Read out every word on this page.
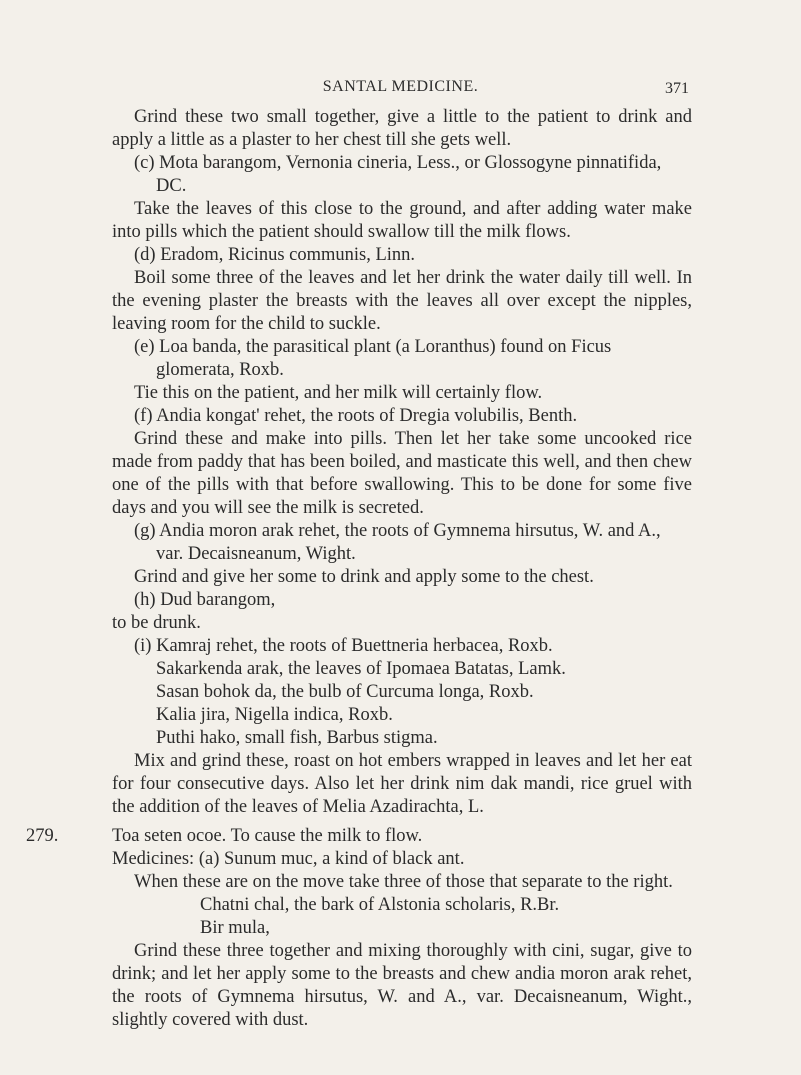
SANTAL MEDICINE.	371

Grind these two small together, give a little to the patient to drink and apply a little as a plaster to her chest till she gets well.

(c) Mota barangom, Vernonia cineria, Less., or Glossogyne pinnatifida, DC.

Take the leaves of this close to the ground, and after adding water make into pills which the patient should swallow till the milk flows.

(d) Eradom, Ricinus communis, Linn.

Boil some three of the leaves and let her drink the water daily till well. In the evening plaster the breasts with the leaves all over except the nipples, leaving room for the child to suckle.

(e) Loa banda, the parasitical plant (a Loranthus) found on Ficus glomerata, Roxb.

Tie this on the patient, and her milk will certainly flow.

(f) Andia kongat' rehet, the roots of Dregia volubilis, Benth.

Grind these and make into pills. Then let her take some uncooked rice made from paddy that has been boiled, and masticate this well, and then chew one of the pills with that before swallowing. This to be done for some five days and you will see the milk is secreted.

(g) Andia moron arak rehet, the roots of Gymnema hirsutus, W. and A., var. Decaisneanum, Wight.

Grind and give her some to drink and apply some to the chest.

(h) Dud barangom,

to be drunk.

(i) Kamraj rehet, the roots of Buettneria herbacea, Roxb.

Sakarkenda arak, the leaves of Ipomaea Batatas, Lamk.

Sasan bohok da, the bulb of Curcuma longa, Roxb.

Kalia jira, Nigella indica, Roxb.

Puthi hako, small fish, Barbus stigma.

Mix and grind these, roast on hot embers wrapped in leaves and let her eat for four consecutive days. Also let her drink nim dak mandi, rice gruel with the addition of the leaves of Melia Azadirachta, L.

279.	Toa seten ocoe. To cause the milk to flow.

Medicines: (a) Sunum muc, a kind of black ant.

When these are on the move take three of those that separate to the right.

Chatni chal, the bark of Alstonia scholaris, R.Br.

Bir mula,

Grind these three together and mixing thoroughly with cini, sugar, give to drink; and let her apply some to the breasts and chew andia moron arak rehet, the roots of Gymnema hirsutus, W. and A., var. Decaisneanum, Wight., slightly covered with dust.
